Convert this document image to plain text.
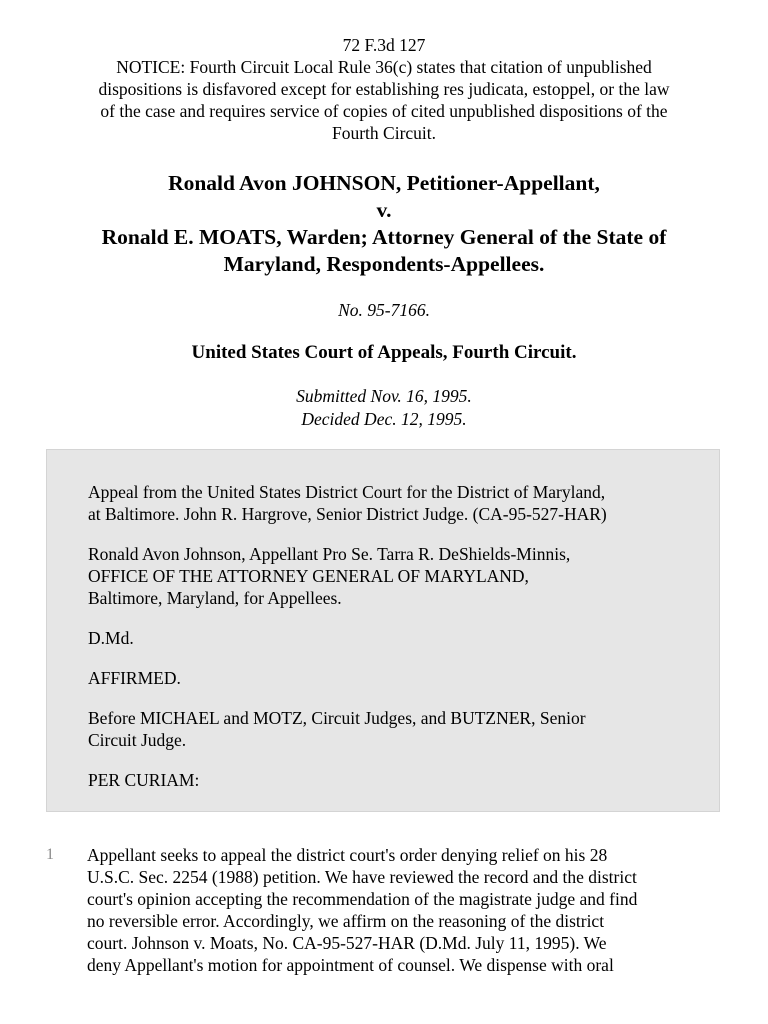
72 F.3d 127
NOTICE: Fourth Circuit Local Rule 36(c) states that citation of unpublished
dispositions is disfavored except for establishing res judicata, estoppel, or the law
of the case and requires service of copies of cited unpublished dispositions of the
Fourth Circuit.
Ronald Avon JOHNSON, Petitioner-Appellant,
v.
Ronald E. MOATS, Warden; Attorney General of the State of
Maryland, Respondents-Appellees.
No. 95-7166.
United States Court of Appeals, Fourth Circuit.
Submitted Nov. 16, 1995.
Decided Dec. 12, 1995.

Appeal from the United States District Court for the District of Maryland,
at Baltimore. John R. Hargrove, Senior District Judge. (CA-95-527-HAR)

Ronald Avon Johnson, Appellant Pro Se. Tarra R. DeShields-Minnis,
OFFICE OF THE ATTORNEY GENERAL OF MARYLAND,
Baltimore, Maryland, for Appellees.

D.Md.

AFFIRMED.

Before MICHAEL and MOTZ, Circuit Judges, and BUTZNER, Senior
Circuit Judge.

PER CURIAM:

1 Appellant seeks to appeal the district court's order denying relief on his 28
U.S.C. Sec. 2254 (1988) petition. We have reviewed the record and the district
court's opinion accepting the recommendation of the magistrate judge and find
no reversible error. Accordingly, we affirm on the reasoning of the district
court. Johnson v. Moats, No. CA-95-527-HAR (D.Md. July 11, 1995). We
deny Appellant's motion for appointment of counsel. We dispense with oral
